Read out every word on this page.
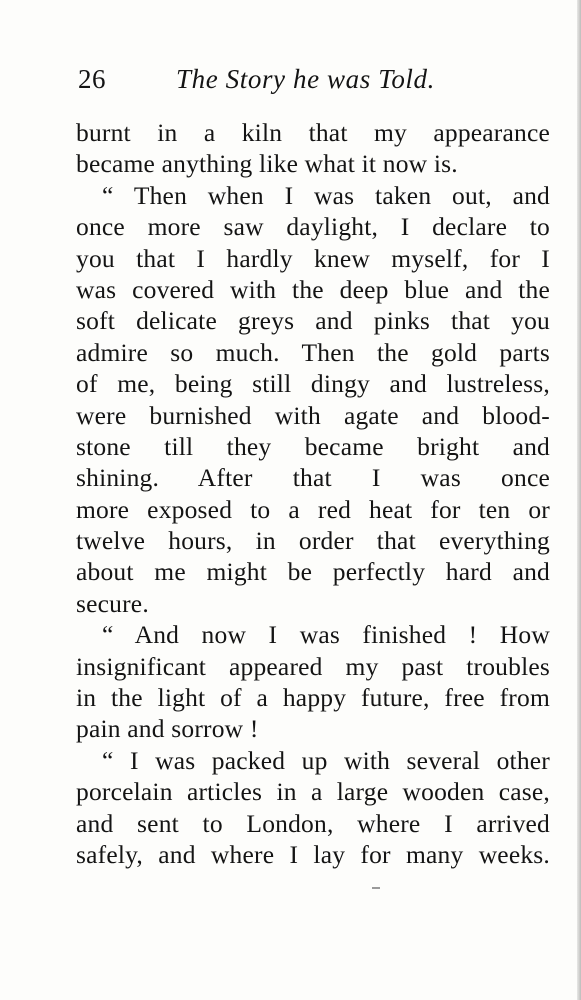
26	The Story he was Told.
burnt in a kiln that my appearance
became anything like what it now is.
“ Then when I was taken out, and
once more saw daylight, I declare to
you that I hardly knew myself, for I
was covered with the deep blue and the
soft delicate greys and pinks that you
admire so much. Then the gold parts
of me, being still dingy and lustreless,
were burnished with agate and blood-
stone till they became bright and
shining. After that I was once
more exposed to a red heat for ten or
twelve hours, in order that everything
about me might be perfectly hard and
secure.
“ And now I was finished ! How
insignificant appeared my past troubles
in the light of a happy future, free from
pain and sorrow !
“ I was packed up with several other
porcelain articles in a large wooden case,
and sent to London, where I arrived
safely, and where I lay for many weeks.
